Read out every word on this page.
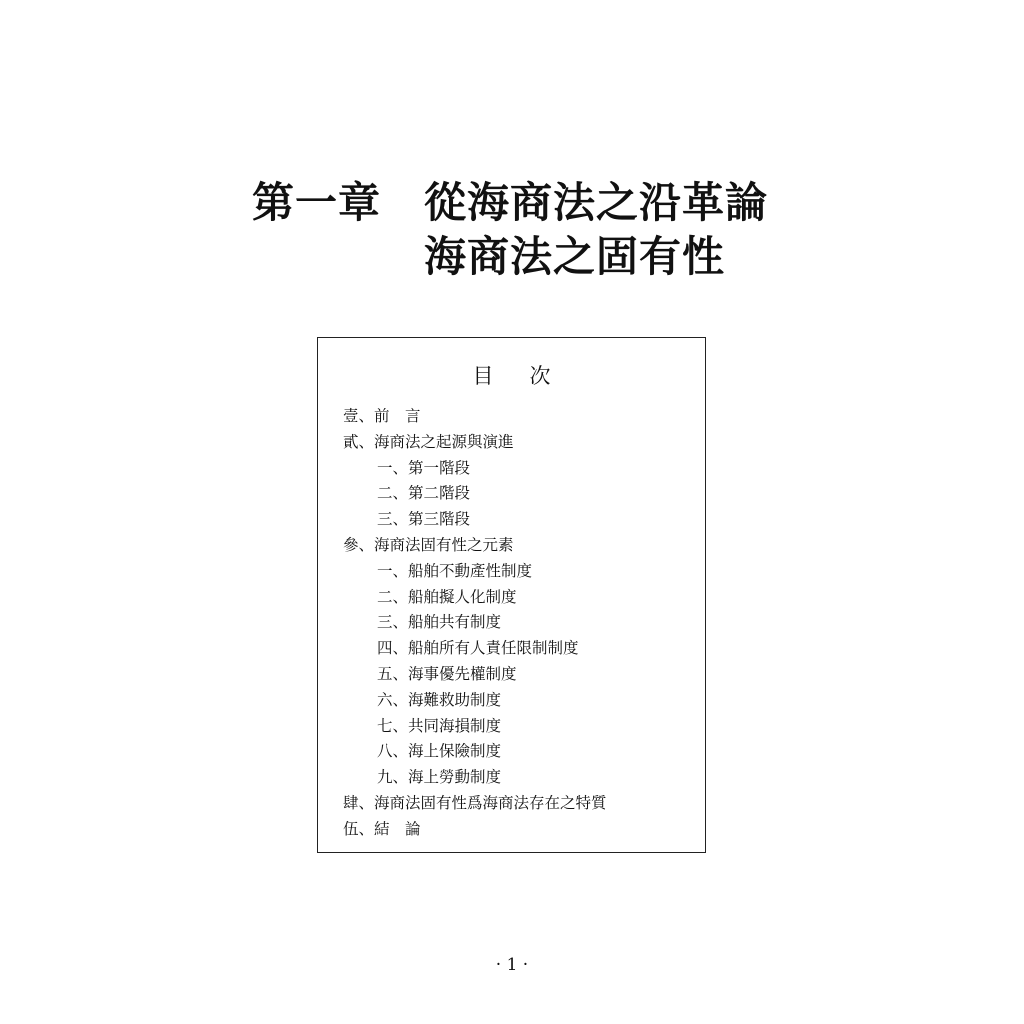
第一章 從海商法之沿革論
海商法之固有性
目次
壹、前　言
貳、海商法之起源與演進
一、第一階段
二、第二階段
三、第三階段
參、海商法固有性之元素
一、船舶不動產性制度
二、船舶擬人化制度
三、船舶共有制度
四、船舶所有人責任限制制度
五、海事優先權制度
六、海難救助制度
七、共同海損制度
八、海上保險制度
九、海上勞動制度
肆、海商法固有性爲海商法存在之特質
伍、結　論
· 1 ·
